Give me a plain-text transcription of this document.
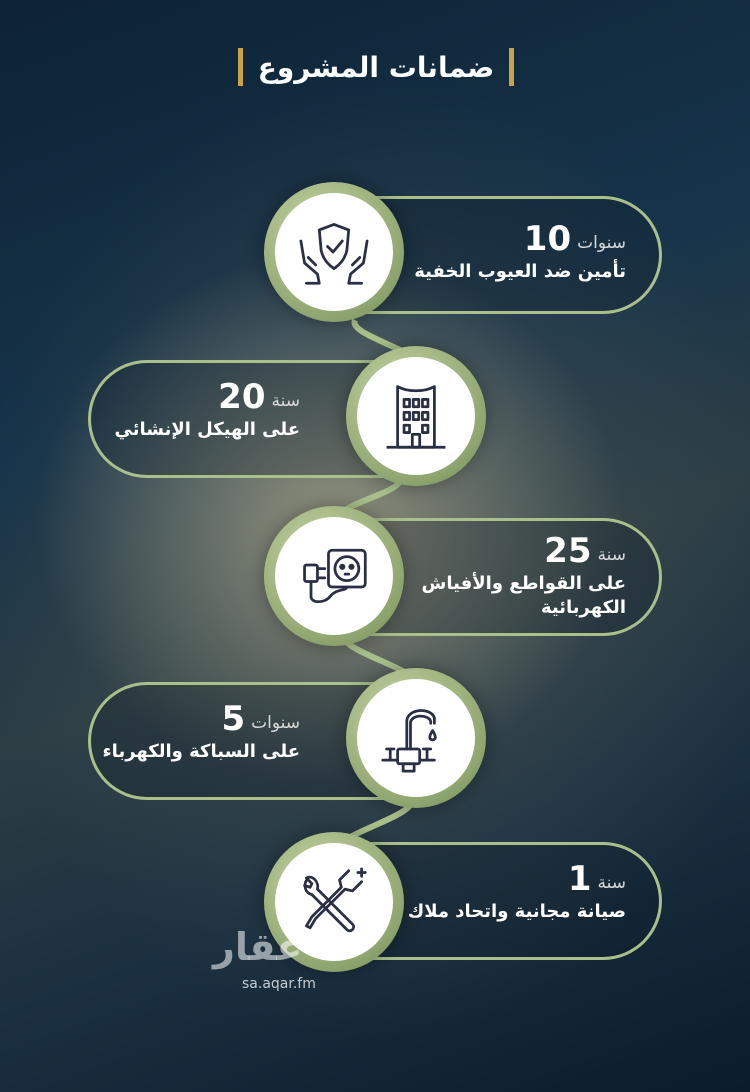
ضمانات المشروع
سنوات
10
تأمين ضد العيوب الخفية
سنة
20
على الهيكل الإنشائي
سنة
25
على القواطع والأفياش
الكهربائية
سنوات
5
على السباكة والكهرباء
سنة
1
صيانة مجانية واتحاد ملاك
عقار
sa.aqar.fm
